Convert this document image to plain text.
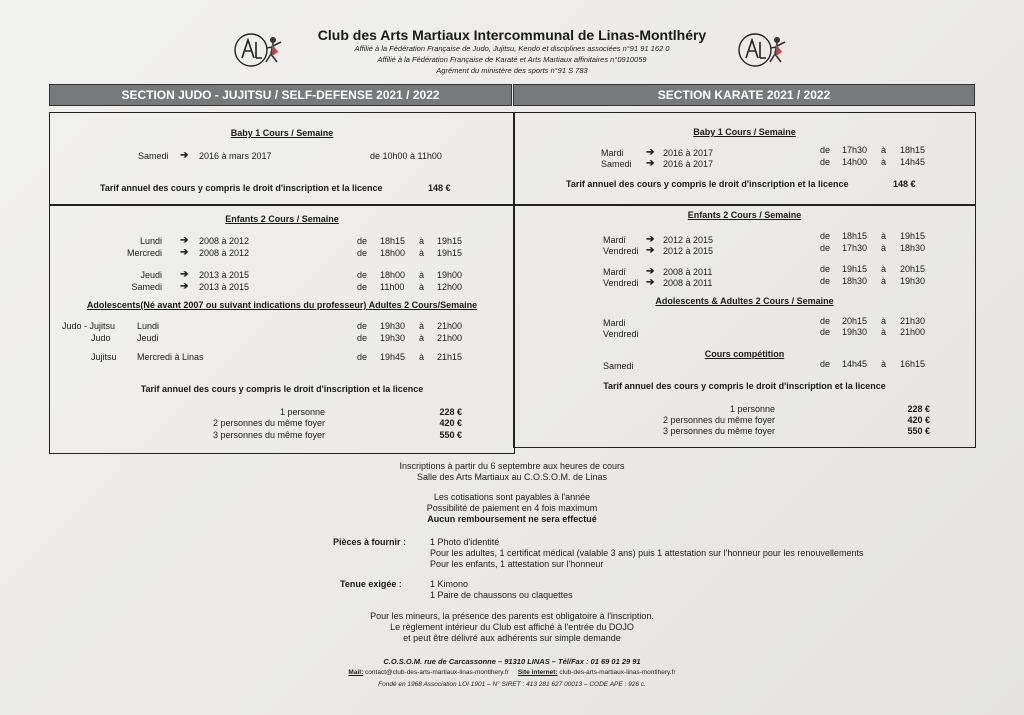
Club des Arts Martiaux Intercommunal de Linas-Montlhéry
Affilié à la Fédération Française de Judo, Jujitsu, Kendo et disciplines associées n°91 91 162 0
Affilié à la Fédération Française de Karaté et Arts Martiaux affinitaires n°0910059
Agrément du ministère des sports n°91 S 783
SECTION JUDO - JUJITSU / SELF-DEFENSE 2021 / 2022	SECTION KARATE 2021 / 2022
Baby 1 Cours / Semaine
Samedi ➔ 2016 à mars 2017	de 10h00 à 11h00
Tarif annuel des cours y compris le droit d'inscription et la licence	148 €
Enfants 2 Cours / Semaine
Lundi ➔ 2008 à 2012	de 18h15 à 19h15
Mercredi ➔ 2008 à 2012	de 18h00 à 19h15
Jeudi ➔ 2013 à 2015	de 18h00 à 19h00
Samedi ➔ 2013 à 2015	de 11h00 à 12h00
Adolescents(Né avant 2007 ou suivant indications du professeur) Adultes 2 Cours/Semaine
Judo - Jujitsu Lundi	de 19h30 à 21h00
Judo	Jeudi	de 19h30 à 21h00
Jujitsu Mercredi à Linas	de 19h45 à 21h15
Tarif annuel des cours y compris le droit d'inscription et la licence
1 personne	228 €
2 personnes du même foyer	420 €
3 personnes du même foyer	550 €
Baby 1 Cours / Semaine
Mardi ➔ 2016 à 2017	de 17h30 à 18h15
Samedi ➔ 2016 à 2017	de 14h00 à 14h45
Tarif annuel des cours y compris le droit d'inscription et la licence	148 €
Enfants 2 Cours / Semaine
Mardi ➔ 2012 à 2015	de 18h15 à 19h15
Vendredi ➔ 2012 à 2015	de 17h30 à 18h30
Mardi ➔ 2008 à 2011	de 19h15 à 20h15
Vendredi ➔ 2008 à 2011	de 18h30 à 19h30
Adolescents & Adultes 2 Cours / Semaine
Mardi	de 20h15 à 21h30
Vendredi	de 19h30 à 21h00
Cours compétition
Samedi	de 14h45 à 16h15
Tarif annuel des cours y compris le droit d'inscription et la licence
1 personne	228 €
2 personnes du même foyer	420 €
3 personnes du même foyer	550 €
Inscriptions à partir du 6 septembre aux heures de cours
Salle des Arts Martiaux au C.O.S.O.M. de Linas
Les cotisations sont payables à l'année
Possibilité de paiement en 4 fois maximum
Aucun remboursement ne sera effectué
Pièces à fournir :	1 Photo d'identité
Pour les adultes, 1 certificat médical (valable 3 ans) puis 1 attestation sur l'honneur pour les renouvellements
Pour les enfants, 1 attestation sur l'honneur
Tenue exigée :	1 Kimono
1 Paire de chaussons ou claquettes
Pour les mineurs, la présence des parents est obligatoire à l'inscription.
Le règlement intérieur du Club est affiché à l'entrée du DOJO
et peut être délivré aux adhérents sur simple demande
C.O.S.O.M. rue de Carcassonne – 91310 LINAS – Tél/Fax : 01 69 01 29 91
Mail: contact@club-des-arts-martiaux-linas-montlhery.fr Site internet: club-des-arts-martiaux-linas-montlhery.fr
Fondé en 1968 Association LOI 1901 – N° SIRET : 413 281 627 00013 – CODE APE : 926 c.
